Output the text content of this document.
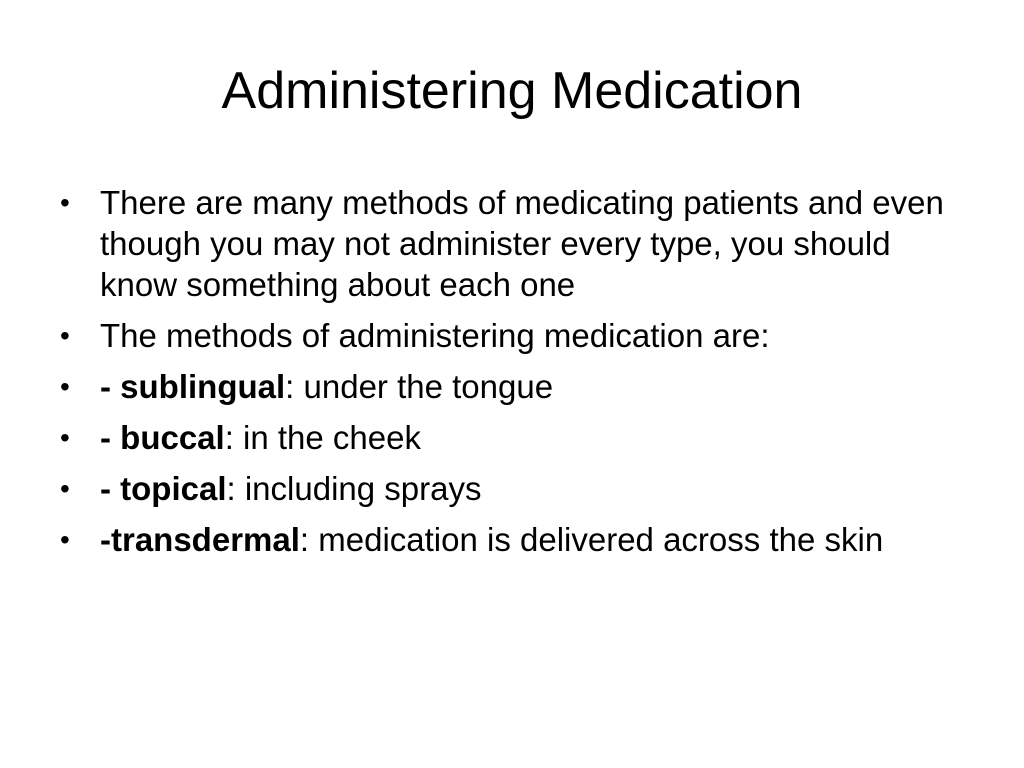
Administering Medication
• There are many methods of medicating patients and even though you may not administer every type, you should know something about each one
• The methods of administering medication are:
• - sublingual: under the tongue
• - buccal: in the cheek
• - topical: including sprays
• -transdermal: medication is delivered across the skin
